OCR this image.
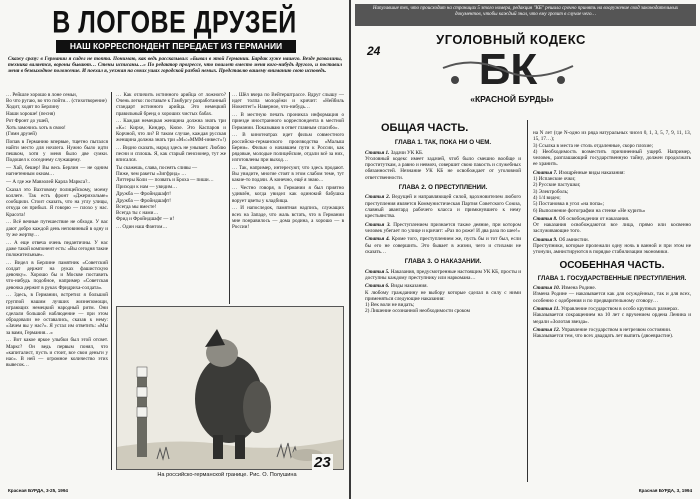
В ЛОГОВЕ ДРУЗЕЙ
НАШ КОРРЕСПОНДЕНТ ПЕРЕДАЕТ ИЗ ГЕРМАНИИ
Скажу сразу: в Германии я сидел не топта. Понимаю, как ведь рассказывал: «Бывал в этой Германии. Бардак хуже нашего. Везде развалины, техника валяется, вороны бывают… Стены исписаны…» По редактор прогрессе, что пошлет вместо меня кого-нибудь другого, и поставил меня в безвыходное положение. И поехал я, уезжая на своих ушах городской разбой немых. Представлю вашему вниманию свою исповедь.

… Рейшле хорошо в лоне семьи,
Во что ругаю, во что пойти… (стихотворение)
Ходит, ходят по Берлину
Наши хороше! (песня)

Рот Фронт до ушей,
Хоть замочись хоть в свою!
(Гимн друзей)

Попав в Германию впервые, тщетно пытался найти место для ночлега. Нужно было идти пешком, хотя у меня было две сумки. Подошел к соседнему служащему.

— Хай, бешер! Вы весь Берлин — не одним нагнетенным окнам…

— А где же Мавзолей Карла Маркса?..

Сказал это Вахтовому полицейскому, моему коллеге. Так есть фронт «Джерихольме» сообщили. Стоит сказать, что на углу улицы, откуда он прибыл. Я говорю — плохо у нас. Красота!

… Всё вечные путешествие не обходи. У вас дают добро каждой день неповинный в одну и ту же жертву…

… А еще отвеча очень педантичны. У нас даже такой компонент есть: «Вы сегодня такие положительные».

… Видел в Берлине памятник «Советский солдат держит на руках фашистскую девочку». Хорошо бы и Москве поставить что-нибудь подобное, например «Советская девочка держит в руках Фридриха-солдата».

… Здесь, в Германии, встретил я большой группой нашим лучших жизнепомощи, играющих немецкий народный ритм. Они сделали большой наблюдение — при этом обрадовали не оставались, сказав к нему: «Зачем вы у нас?». Я устал им ответить: «Мы за вами, Германия…»

… Вот какое яркое улыбки был этой отсвет. Маркс? Он ведь первым понял, что «капиталист, пусть и стоит, все свои деньги у нас». В ней — огромное количество этих вывесок…

… Как отличить истинного арийца от ложного? Очень легко: поставьте к Гамбургу разработанный стандарт истинного арийца. Это немецкий правильный бренд о хороших чистых бабах.

… Каждая немецкая женщина должна знать три «К»: Кирхе, Киндер, Кюхе. Это Каспаров и Корчной, что ли? В таком случае, каждая русская женщина должна знать три «М»:«МММ-инвест»!)

… Видно сказать, народ здесь не унывает. Люблю песни и сплошь. Я, как старый пенсионер, тут же вписался.

Ты скажешь, слава, посеять сливы —
Пиже, чем ракеты «Зигфрид» …
Литтеры Коли — позвать и Броха — пиши…
Приходи к нам — увидим…

Дружба — Фройндшафт!
Дружба — Фройндшафт!
Всегда мы вместе!
Всегда ты с нами…
Фрид и Фройндшафт — и!

… Один наш Фантом…

… Шёл вчера по Вейтерштрассе. Вдруг слышу — идет толпа молодёжи и кричит: «Нейбиль Нокептег!» Наверное, что-нибудь…

… В местную печать проникла информация о приезде иностранного корреспондента в местной Германии. Показываю в ответ главным спасибо».

… В кинотеатрах идет фильм совместного российско-германского производства «Малыш Берни». Фильм о начавшем пути к России, как рядовые, молодые полицейские, отдали всё за них, изготовлены при выход…

… Так, например, интересуют, что здесь продают. Вы увидите, многие стоят в этом слабом теме, тут какие-то подачи. А конечно, ещё я знаю…

… Честно говоря, в Германии я был приятно удивлён, когда увидел как одинокий бабушка ворует цветы у кладбища.

… И напоследок, памятная надпись, служащих всех на Западе, что жаль встать, что в Германии мне понравилось — дома родина, а хорошо — в России!

23
На российско-германской границе. Рис. О. Полушина
Красная БУРДА, 3-25, 1994
Напугавшие тех, что происходит на страницах 5 этого номера, редакция "КБ" решила срочно принять на вооружение свод законодательных документов, чтобы каждый знал, что ему грозит в случае чего…
24
УГОЛОВНЫЙ КОДЕКС
БК
«КРАСНОЙ БУРДЫ»
ОБЩАЯ ЧАСТЬ.

ГЛАВА 1. ТАК, ПОКА НИ О ЧЕМ.

Статья 1. Задачи УК КБ.
Уголовный кодекс имеет задачей, чтоб было смешно вообще и проституткам, а равно и невмоч, совершит свою пакость и служебных обязанностей. Незнание УК КБ не освобождает от уголовной ответственности.

ГЛАВА 2. О ПРЕСТУПЛЕНИИ.

Статья 2. Ведущей и направляющей силой, вдохновителем любого преступления является Коммунистическая Партия Советского Союза, славный авангард рабочего класса и примкнувшего к нему крестьянства.

Статья 3. Преступлением признается также деяние, при котором человек убегает по улице и кричит: «Раз по роже! И два раза по шее!»

Статья 4. Кроме того, преступлением же, пусть бы и тот был, если бы его не совершить. Это бывает в жизни, чего и стихами не сказать…

ГЛАВА 3. О НАКАЗАНИИ.

Статья 5. Наказания, предусмотренные настоящим УК КБ, просты и доступны каждому преступнику или наркомана…

Статья 6. Виды наказания.
К любому гражданину не выбору которые сделал в силу с ними применяться следующие наказания:
1) Век воли не видать;
2) Лишение осознанной необходимости сроком

на N лет (где N-одно из ряда натуральных чисел 0, 1, 3, 5, 7, 9, 11, 13, 15, 17…);
3) Ссылка в места не столь отдаленные, скоро плохие;
4) Необходимость возместить причиненный ущерб. Например, человек, разглашающий государственную тайну, должен продолжать ее хранить.

Статья 7. Изощрённые виды наказания:
1) Испанские очки;
2) Русские пастушки;
3) Электроболь;
4) 1/4 видео;
5) Постановка в угол «на попа»;
6) Выполнение фотографии на стенке «Не курить»

Статья 8. Об освобождении от наказания.
От наказания освобождаются все лица, прямо или косвенно заслуживающие того.

Статья 9. Об амнистии.
Преступники, которые пролежали одну ночь в ванной и при этом не утонули, амнистируются в порядке стабилизации экономики.

ОСОБЕННАЯ ЧАСТЬ.

ГЛАВА 1. ГОСУДАРСТВЕННЫЕ ПРЕСТУПЛЕНИЯ.

Статья 10. Измена Родине.
Измена Родине — наказывается как для осуждённых, так и для всех, особенно с одобрения и по предварительному сговору…

Статья 11. Управление государством в особо крупных размерах.
Наказывается сокращением на 10 лет с вручением ордена Ленина и медали «Золотая звезда».

Статья 12. Управление государством в нетрезвом состоянии.
Наказывается тем, что всех двадцать лет выпить (двоеврастие).

Красная БУРДА, 3, 1994
